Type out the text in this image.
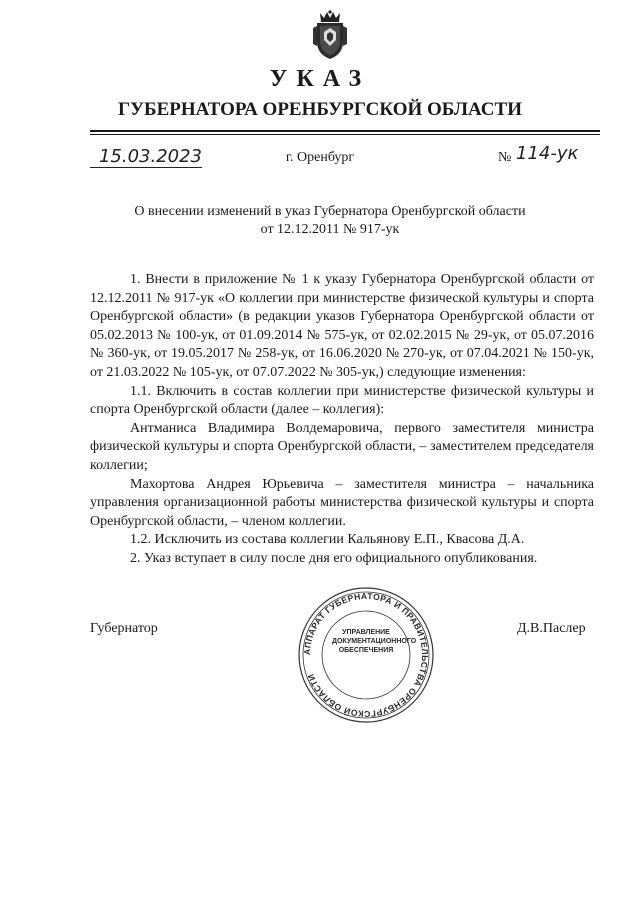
УКАЗ
ГУБЕРНАТОРА ОРЕНБУРГСКОЙ ОБЛАСТИ
15.03.2023	г. Оренбург	№ 114-ук
О внесении изменений в указ Губернатора Оренбургской области
от 12.12.2011 № 917-ук

1. Внести в приложение № 1 к указу Губернатора Оренбургской области от 12.12.2011 № 917-ук «О коллегии при министерстве физической культуры и спорта Оренбургской области» (в редакции указов Губернатора Оренбургской области от 05.02.2013 № 100-ук, от 01.09.2014 № 575-ук, от 02.02.2015 № 29-ук, от 05.07.2016 № 360-ук, от 19.05.2017 № 258-ук, от 16.06.2020 № 270-ук, от 07.04.2021 № 150-ук, от 21.03.2022 № 105-ук, от 07.07.2022 № 305-ук,) следующие изменения:

1.1. Включить в состав коллегии при министерстве физической культуры и спорта Оренбургской области (далее – коллегия):

Антманиса Владимира Волдемаровича, первого заместителя министра физической культуры и спорта Оренбургской области, – заместителем председателя коллегии;

Махортова Андрея Юрьевича – заместителя министра – начальника управления организационной работы министерства физической культуры и спорта Оренбургской области, – членом коллегии.

1.2. Исключить из состава коллегии Кальянову Е.П., Квасова Д.А.

2. Указ вступает в силу после дня его официального опубликования.

Губернатор	Д.В.Паслер
АППАРАТ ГУБЕРНАТОРА И ПРАВИТЕЛЬСТВА ОРЕНБУРГСКОЙ ОБЛАСТИ
УПРАВЛЕНИЕ
ДОКУМЕНТАЦИОННОГО
ОБЕСПЕЧЕНИЯ
